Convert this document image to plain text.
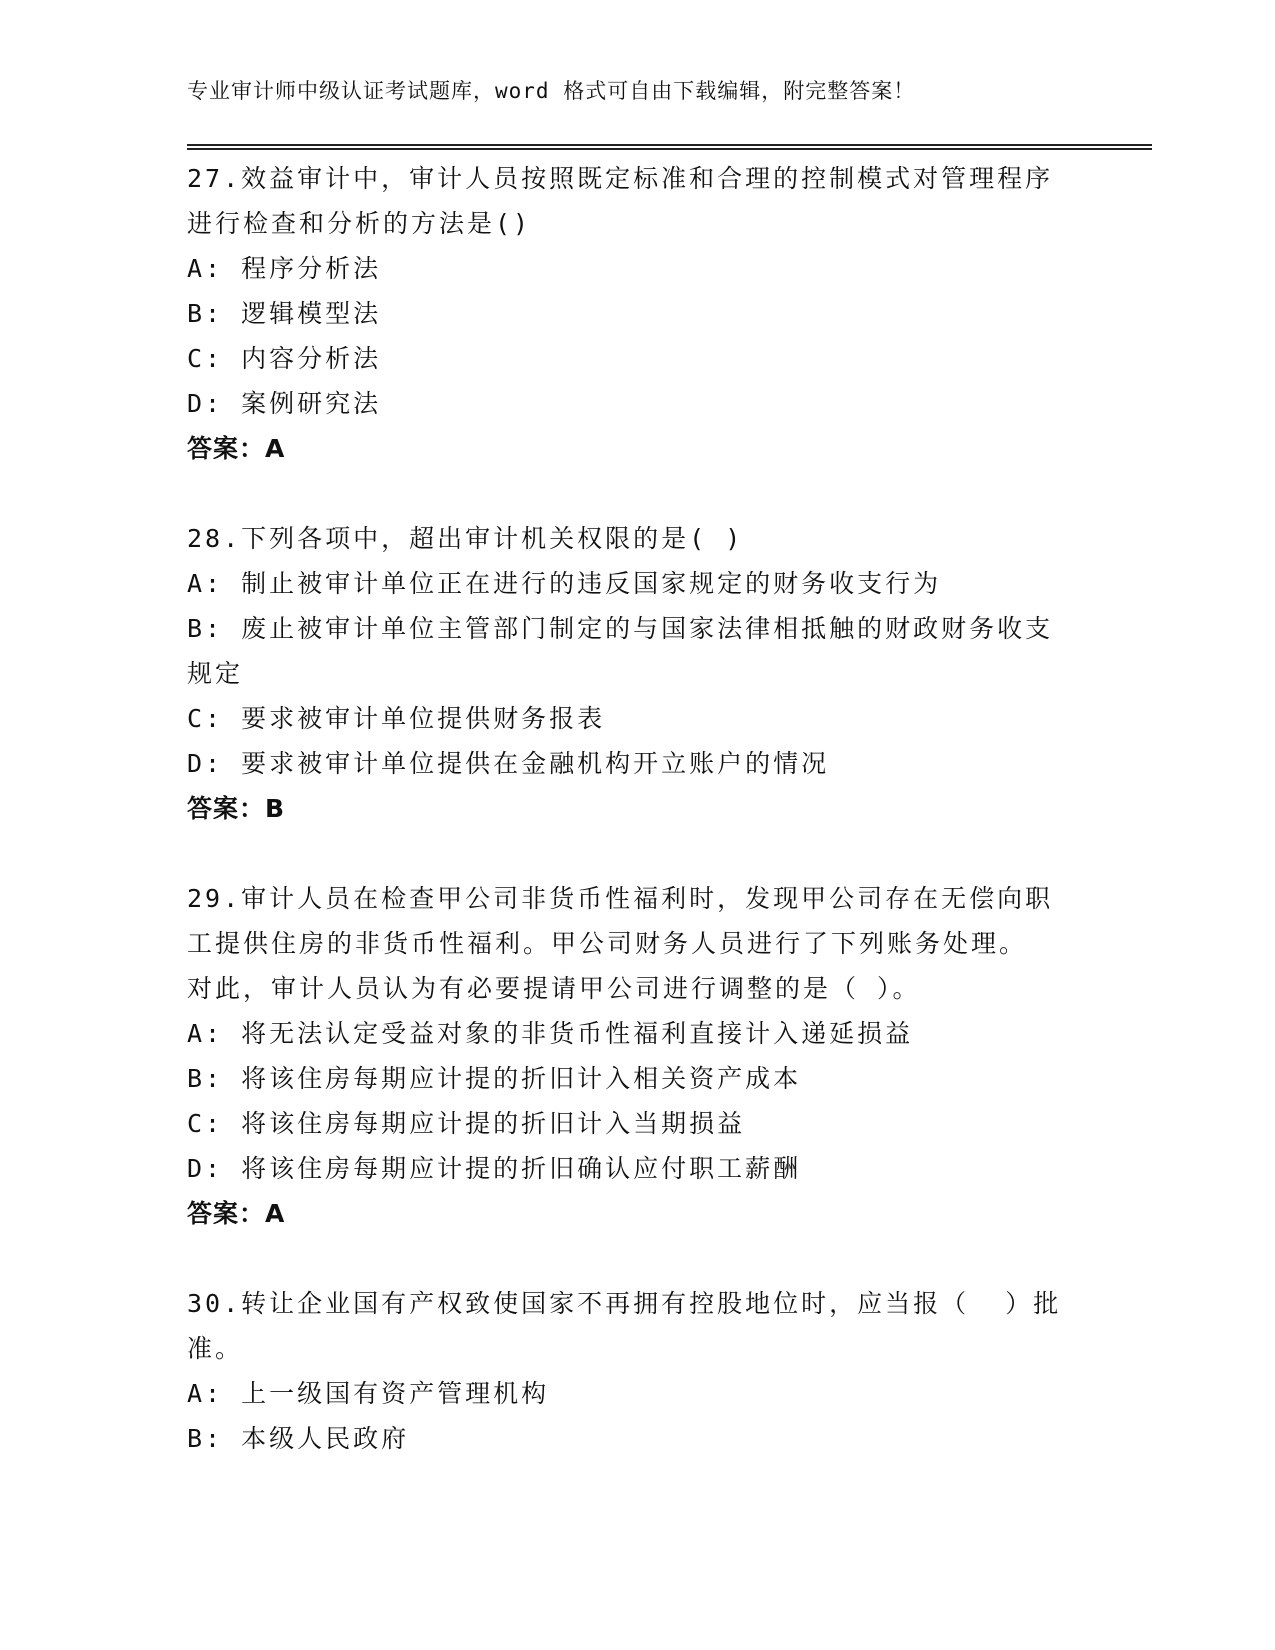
专业审计师中级认证考试题库，word 格式可自由下载编辑，附完整答案！

27.效益审计中，审计人员按照既定标准和合理的控制模式对管理程序

进行检查和分析的方法是()

A: 程序分析法

B: 逻辑模型法

C: 内容分析法

D: 案例研究法

答案：A

28.下列各项中，超出审计机关权限的是( )

A: 制止被审计单位正在进行的违反国家规定的财务收支行为

B: 废止被审计单位主管部门制定的与国家法律相抵触的财政财务收支

规定

C: 要求被审计单位提供财务报表

D: 要求被审计单位提供在金融机构开立账户的情况

答案：B

29.审计人员在检查甲公司非货币性福利时，发现甲公司存在无偿向职

工提供住房的非货币性福利。甲公司财务人员进行了下列账务处理。

对此，审计人员认为有必要提请甲公司进行调整的是（ ）。

A: 将无法认定受益对象的非货币性福利直接计入递延损益

B: 将该住房每期应计提的折旧计入相关资产成本

C: 将该住房每期应计提的折旧计入当期损益

D: 将该住房每期应计提的折旧确认应付职工薪酬

答案：A

30.转让企业国有产权致使国家不再拥有控股地位时，应当报（  ）批

准。

A: 上一级国有资产管理机构

B: 本级人民政府
